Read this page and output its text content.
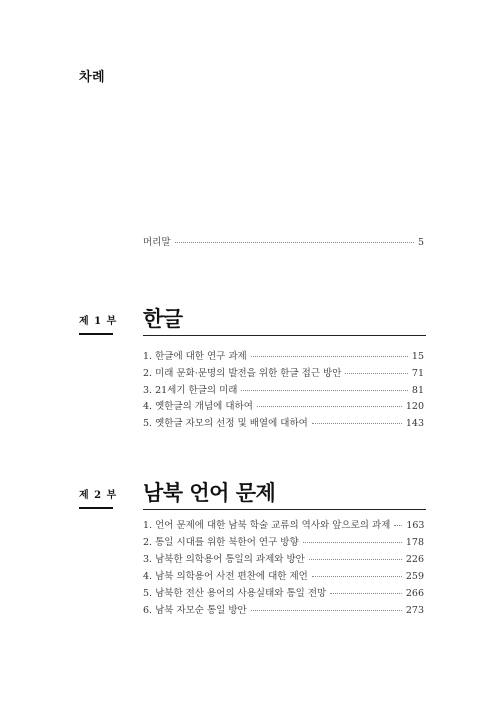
차례
머리말	5
제 1 부 한글
1. 한글에 대한 연구 과제	15
2. 미래 문화·문명의 발전을 위한 한글 접근 방안	71
3. 21세기 한글의 미래	81
4. 옛한글의 개념에 대하여	120
5. 옛한글 자모의 선정 및 배열에 대하여	143
제 2 부 남북 언어 문제
1. 언어 문제에 대한 남북 학술 교류의 역사와 앞으로의 과제 163
2. 통일 시대를 위한 북한어 연구 방향	178
3. 남북한 의학용어 통일의 과제와 방안	226
4. 남북 의학용어 사전 편찬에 대한 제언	259
5. 남북한 전산 용어의 사용실태와 통일 전망	266
6. 남북 자모순 통일 방안	273
